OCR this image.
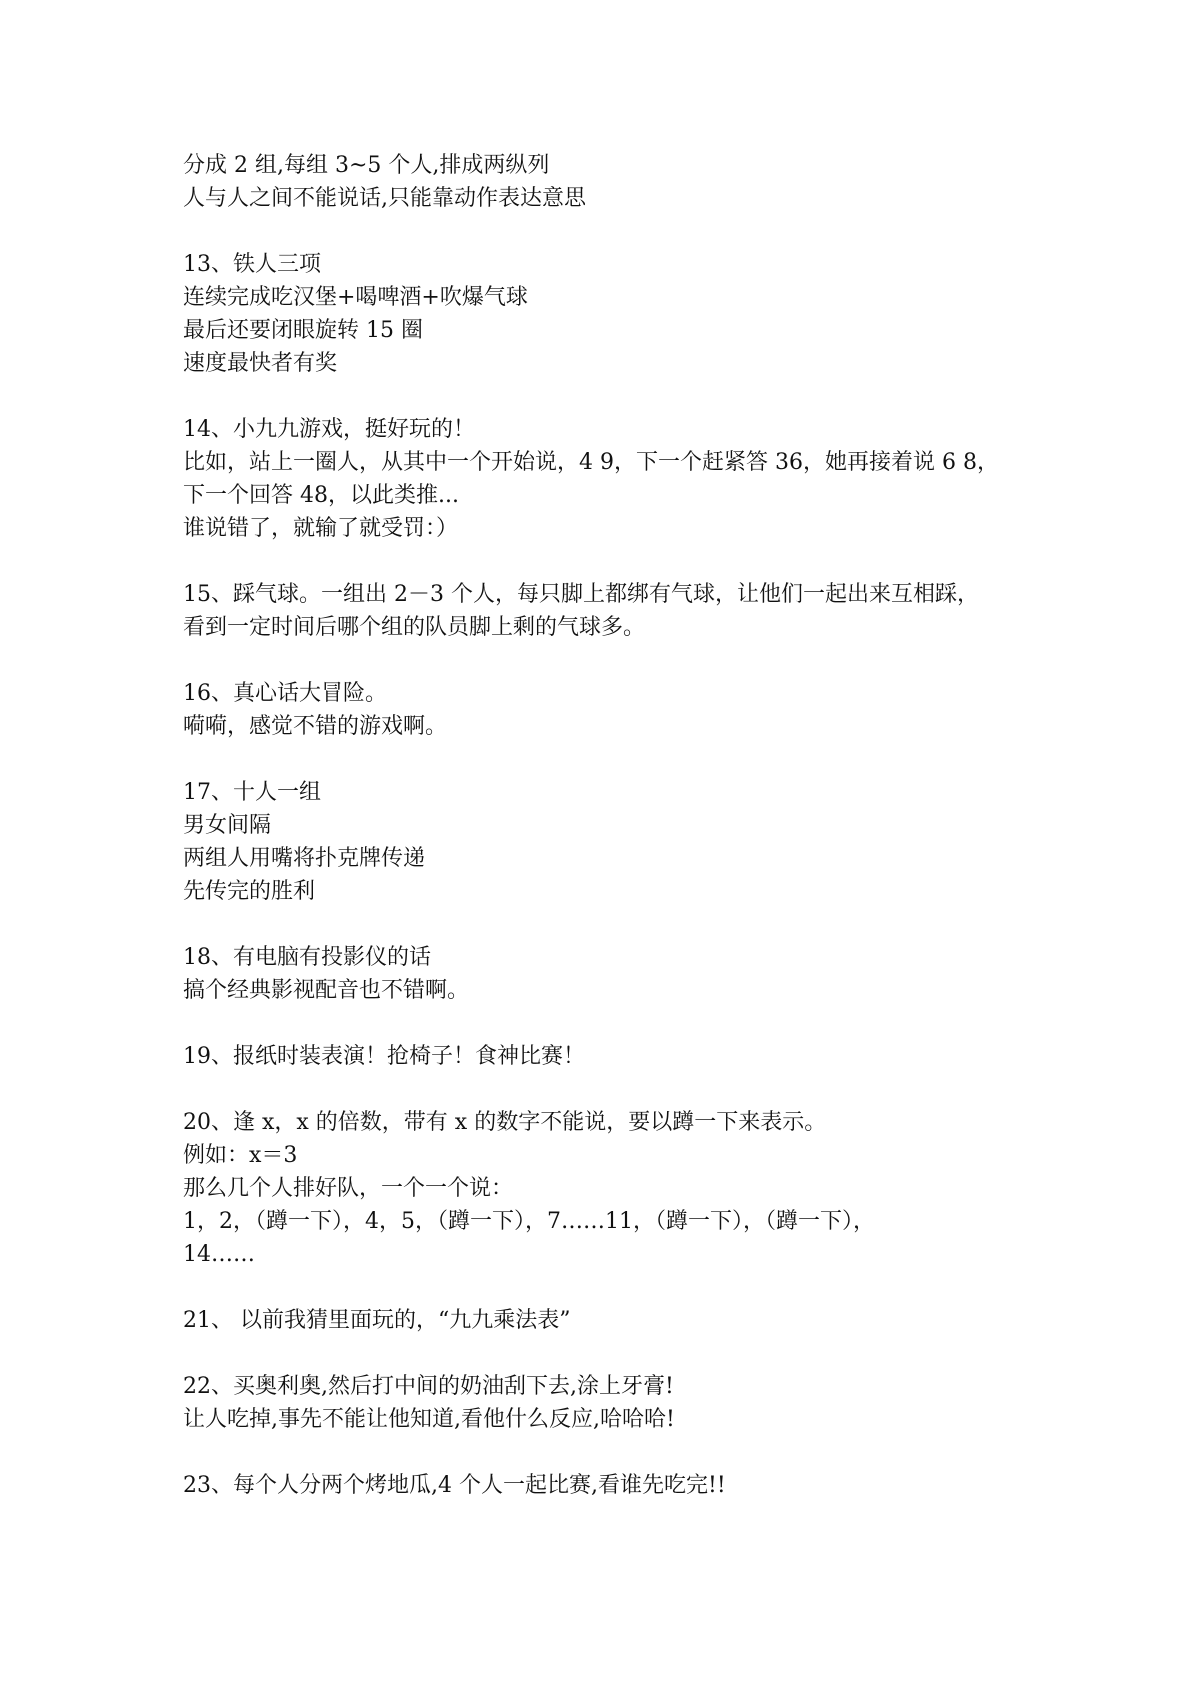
分成 2 组,每组 3~5 个人,排成两纵列
人与人之间不能说话,只能靠动作表达意思
13、铁人三项
连续完成吃汉堡+喝啤酒+吹爆气球
最后还要闭眼旋转 15 圈
速度最快者有奖
14、小九九游戏，挺好玩的！
比如，站上一圈人，从其中一个开始说，4 9，下一个赶紧答 36，她再接着说 6 8，
下一个回答 48，以此类推...
谁说错了，就输了就受罚：）
15、踩气球。一组出 2－3 个人，每只脚上都绑有气球，让他们一起出来互相踩，
看到一定时间后哪个组的队员脚上剩的气球多。
16、真心话大冒险。
嗬嗬，感觉不错的游戏啊。
17、十人一组
男女间隔
两组人用嘴将扑克牌传递
先传完的胜利
18、有电脑有投影仪的话
搞个经典影视配音也不错啊。
19、报纸时装表演！抢椅子！食神比赛！
20、逢 x，x 的倍数，带有 x 的数字不能说，要以蹲一下来表示。
例如：x＝3
那么几个人排好队，一个一个说：
1，2，（蹲一下），4，5，（蹲一下），7……11，（蹲一下），（蹲一下），
14……
21、 以前我猜里面玩的，“九九乘法表”
22、买奥利奥,然后打中间的奶油刮下去,涂上牙膏!
让人吃掉,事先不能让他知道,看他什么反应,哈哈哈!
23、每个人分两个烤地瓜,4 个人一起比赛,看谁先吃完!!
